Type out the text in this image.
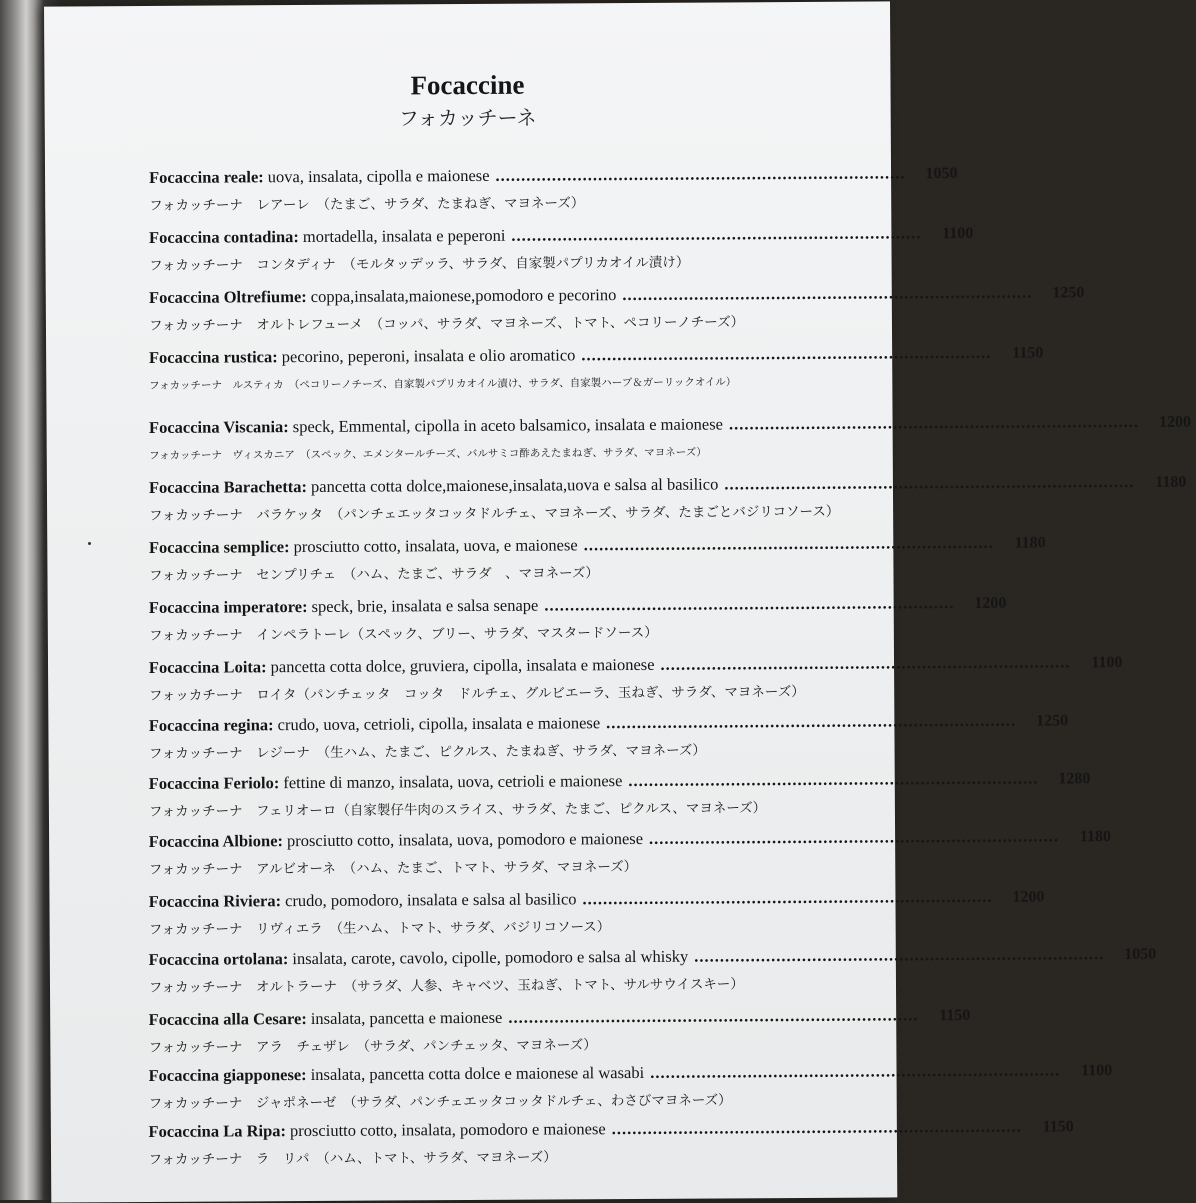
Focaccine
フォカッチーネ
Focaccina reale: uova, insalata, cipolla e maionese ................................................................................	1050
フォカッチーナ　レアーレ　（たまご、サラダ、たまねぎ、マヨネーズ）
Focaccina contadina: mortadella, insalata e peperoni ................................................................................	1100
フォカッチーナ　コンタディナ　（モルタッデッラ、サラダ、自家製パプリカオイル漬け）
Focaccina Oltrefiume: coppa,insalata,maionese,pomodoro e pecorino ................................................................................	1250
フォカッチーナ　オルトレフューメ　（コッパ、サラダ、マヨネーズ、トマト、ペコリーノチーズ）
Focaccina rustica: pecorino, peperoni, insalata e olio aromatico ................................................................................	1150
フォカッチーナ　ルスティカ　（ペコリーノチーズ、自家製パプリカオイル漬け、サラダ、自家製ハーブ＆ガーリックオイル）
Focaccina Viscania: speck, Emmental, cipolla in aceto balsamico, insalata e maionese ................................................................................	1200
フォカッチーナ　ヴィスカニア　（スペック、エメンタールチーズ、バルサミコ酢あえたまねぎ、サラダ、マヨネーズ）
Focaccina Barachetta: pancetta cotta dolce,maionese,insalata,uova e salsa al basilico ................................................................................	1180
フォカッチーナ　バラケッタ　（パンチェエッタコッタドルチェ、マヨネーズ、サラダ、たまごとバジリコソース）
Focaccina semplice: prosciutto cotto, insalata, uova, e maionese ................................................................................	1180
フォカッチーナ　センプリチェ　（ハム、たまご、サラダ　、マヨネーズ）
Focaccina imperatore: speck, brie, insalata e salsa senape ................................................................................	1200
フォカッチーナ　インペラトーレ（スペック、ブリー、サラダ、マスタードソース）
Focaccina Loita: pancetta cotta dolce, gruviera, cipolla, insalata e maionese ................................................................................	1100
フォッカチーナ　ロイタ（パンチェッタ　コッタ　ドルチェ、グルビエーラ、玉ねぎ、サラダ、マヨネーズ）
Focaccina regina: crudo, uova, cetrioli, cipolla, insalata e maionese ................................................................................	1250
フォカッチーナ　レジーナ　（生ハム、たまご、ピクルス、たまねぎ、サラダ、マヨネーズ）
Focaccina Feriolo: fettine di manzo, insalata, uova, cetrioli e maionese ................................................................................	1280
フォカッチーナ　フェリオーロ（自家製仔牛肉のスライス、サラダ、たまご、ピクルス、マヨネーズ）
Focaccina Albione: prosciutto cotto, insalata, uova, pomodoro e maionese ................................................................................	1180
フォカッチーナ　アルビオーネ　（ハム、たまご、トマト、サラダ、マヨネーズ）
Focaccina Riviera: crudo, pomodoro, insalata e salsa al basilico ................................................................................	1200
フォカッチーナ　リヴィエラ　（生ハム、トマト、サラダ、バジリコソース）
Focaccina ortolana: insalata, carote, cavolo, cipolle, pomodoro e salsa al whisky ................................................................................	1050
フォカッチーナ　オルトラーナ　（サラダ、人参、キャベツ、玉ねぎ、トマト、サルサウイスキー）
Focaccina alla Cesare: insalata, pancetta e maionese ................................................................................	1150
フォカッチーナ　アラ　チェザレ　（サラダ、パンチェッタ、マヨネーズ）
Focaccina giapponese: insalata, pancetta cotta dolce e maionese al wasabi ................................................................................	1100
フォカッチーナ　ジャポネーゼ　（サラダ、パンチェエッタコッタドルチェ、わさびマヨネーズ）
Focaccina La Ripa: prosciutto cotto, insalata, pomodoro e maionese ................................................................................	1150
フォカッチーナ　ラ　リパ　（ハム、トマト、サラダ、マヨネーズ）
